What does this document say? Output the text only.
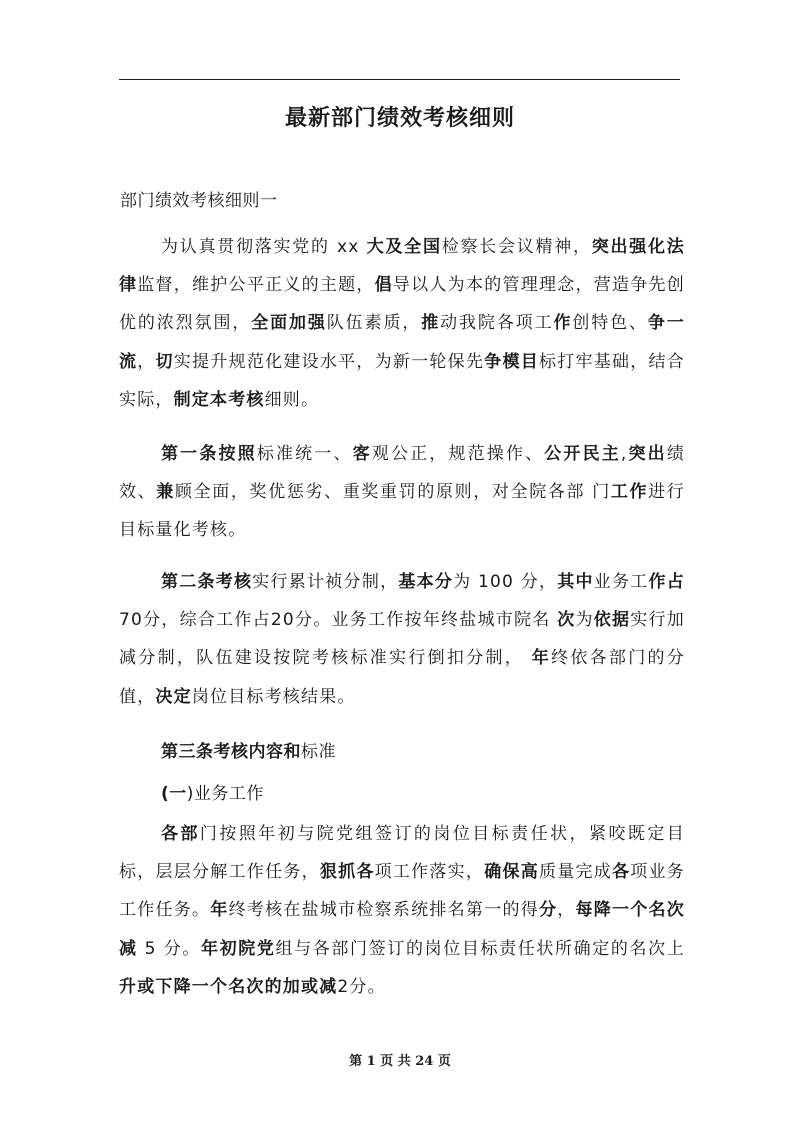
最新部门绩效考核细则
部门绩效考核细则一

为认真贯彻落实党的 xx 大及全国检察长会议精神，突出强化法律监督，维护公平正义的主题，倡导以人为本的管理理念，营造争先创优的浓烈氛围，全面加强队伍素质，推动我院各项工作创特色、争一流，切实提升规范化建设水平，为新一轮保先争模目标打牢基础，结合实际，制定本考核细则。

第一条按照标准统一、客观公正，规范操作、公开民主,突出绩效、兼顾全面，奖优惩劣、重奖重罚的原则，对全院各部 门工作进行目标量化考核。

第二条考核实行累计祯分制，基本分为 100 分，其中业务工作占70分，综合工作占20分。业务工作按年终盐城市院名 次为依据实行加减分制，队伍建设按院考核标准实行倒扣分制， 年终依各部门的分值，决定岗位目标考核结果。

第三条考核内容和标准
(一)业务工作

各部门按照年初与院党组签订的岗位目标责任状，紧咬既定目标，层层分解工作任务，狠抓各项工作落实，确保高质量完成各项业务工作任务。年终考核在盐城市检察系统排名第一的得分，每降一个名次减 5 分。年初院党组与各部门签订的岗位目标责任状所确定的名次上升或下降一个名次的加或减2分。

第 1 页 共 24 页
